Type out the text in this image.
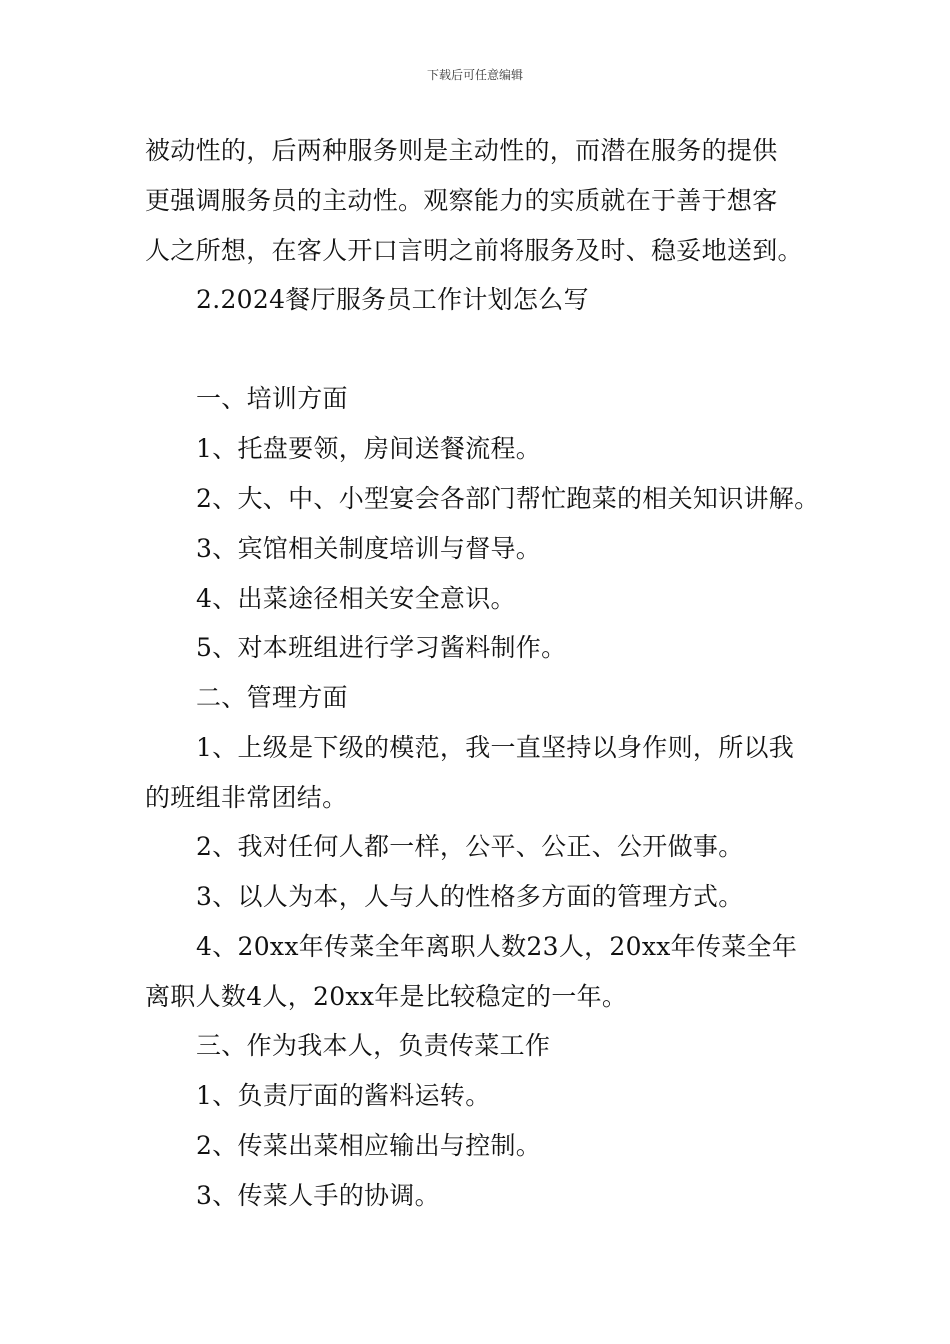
下载后可任意编辑
被动性的，后两种服务则是主动性的，而潜在服务的提供
更强调服务员的主动性。观察能力的实质就在于善于想客
人之所想，在客人开口言明之前将服务及时、稳妥地送到。
2.2024餐厅服务员工作计划怎么写
一、培训方面
1、托盘要领，房间送餐流程。
2、大、中、小型宴会各部门帮忙跑菜的相关知识讲解。
3、宾馆相关制度培训与督导。
4、出菜途径相关安全意识。
5、对本班组进行学习酱料制作。
二、管理方面
1、上级是下级的模范，我一直坚持以身作则，所以我
的班组非常团结。
2、我对任何人都一样，公平、公正、公开做事。
3、以人为本，人与人的性格多方面的管理方式。
4、20xx年传菜全年离职人数23人，20xx年传菜全年
离职人数4人，20xx年是比较稳定的一年。
三、作为我本人，负责传菜工作
1、负责厅面的酱料运转。
2、传菜出菜相应输出与控制。
3、传菜人手的协调。
